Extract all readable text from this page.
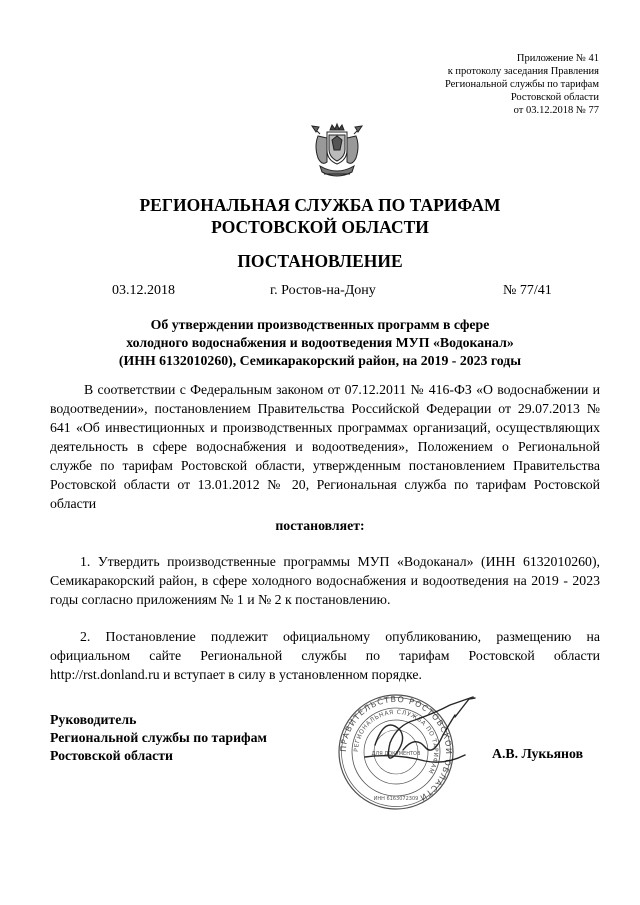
Приложение № 41
к протоколу заседания Правления
Региональной службы по тарифам
Ростовской области
от 03.12.2018 № 77
РЕГИОНАЛЬНАЯ СЛУЖБА ПО ТАРИФАМ
РОСТОВСКОЙ ОБЛАСТИ
ПОСТАНОВЛЕНИЕ
03.12.2018	г. Ростов-на-Дону	№ 77/41
Об утверждении производственных программ в сфере
холодного водоснабжения и водоотведения МУП «Водоканал»
(ИНН 6132010260), Семикаракорский район, на 2019 - 2023 годы
В соответствии с Федеральным законом от 07.12.2011 № 416-ФЗ «О водоснабжении и водоотведении», постановлением Правительства Российской Федерации от 29.07.2013 № 641 «Об инвестиционных и производственных программах организаций, осуществляющих деятельность в сфере водоснабжения и водоотведения», Положением о Региональной службе по тарифам Ростовской области, утвержденным постановлением Правительства Ростовской области от 13.01.2012 № 20, Региональная служба по тарифам Ростовской области
постановляет:
1. Утвердить производственные программы МУП «Водоканал» (ИНН 6132010260), Семикаракорский район, в сфере холодного водоснабжения и водоотведения на 2019 - 2023 годы согласно приложениям № 1 и № 2 к постановлению.
2. Постановление подлежит официальному опубликованию, размещению на официальном сайте Региональной службы по тарифам Ростовской области http://rst.donland.ru и вступает в силу в установленном порядке.
Руководитель
Региональной службы по тарифам
Ростовской области	ПРАВИТЕЛЬСТВО РОСТОВСКОЙ ОБЛАСТИ
РЕГИОНАЛЬНАЯ СЛУЖБА ПО ТАРИФАМ
ДЛЯ ДОКУМЕНТОВ
ИНН 6163072309
А.В. Лукьянов
